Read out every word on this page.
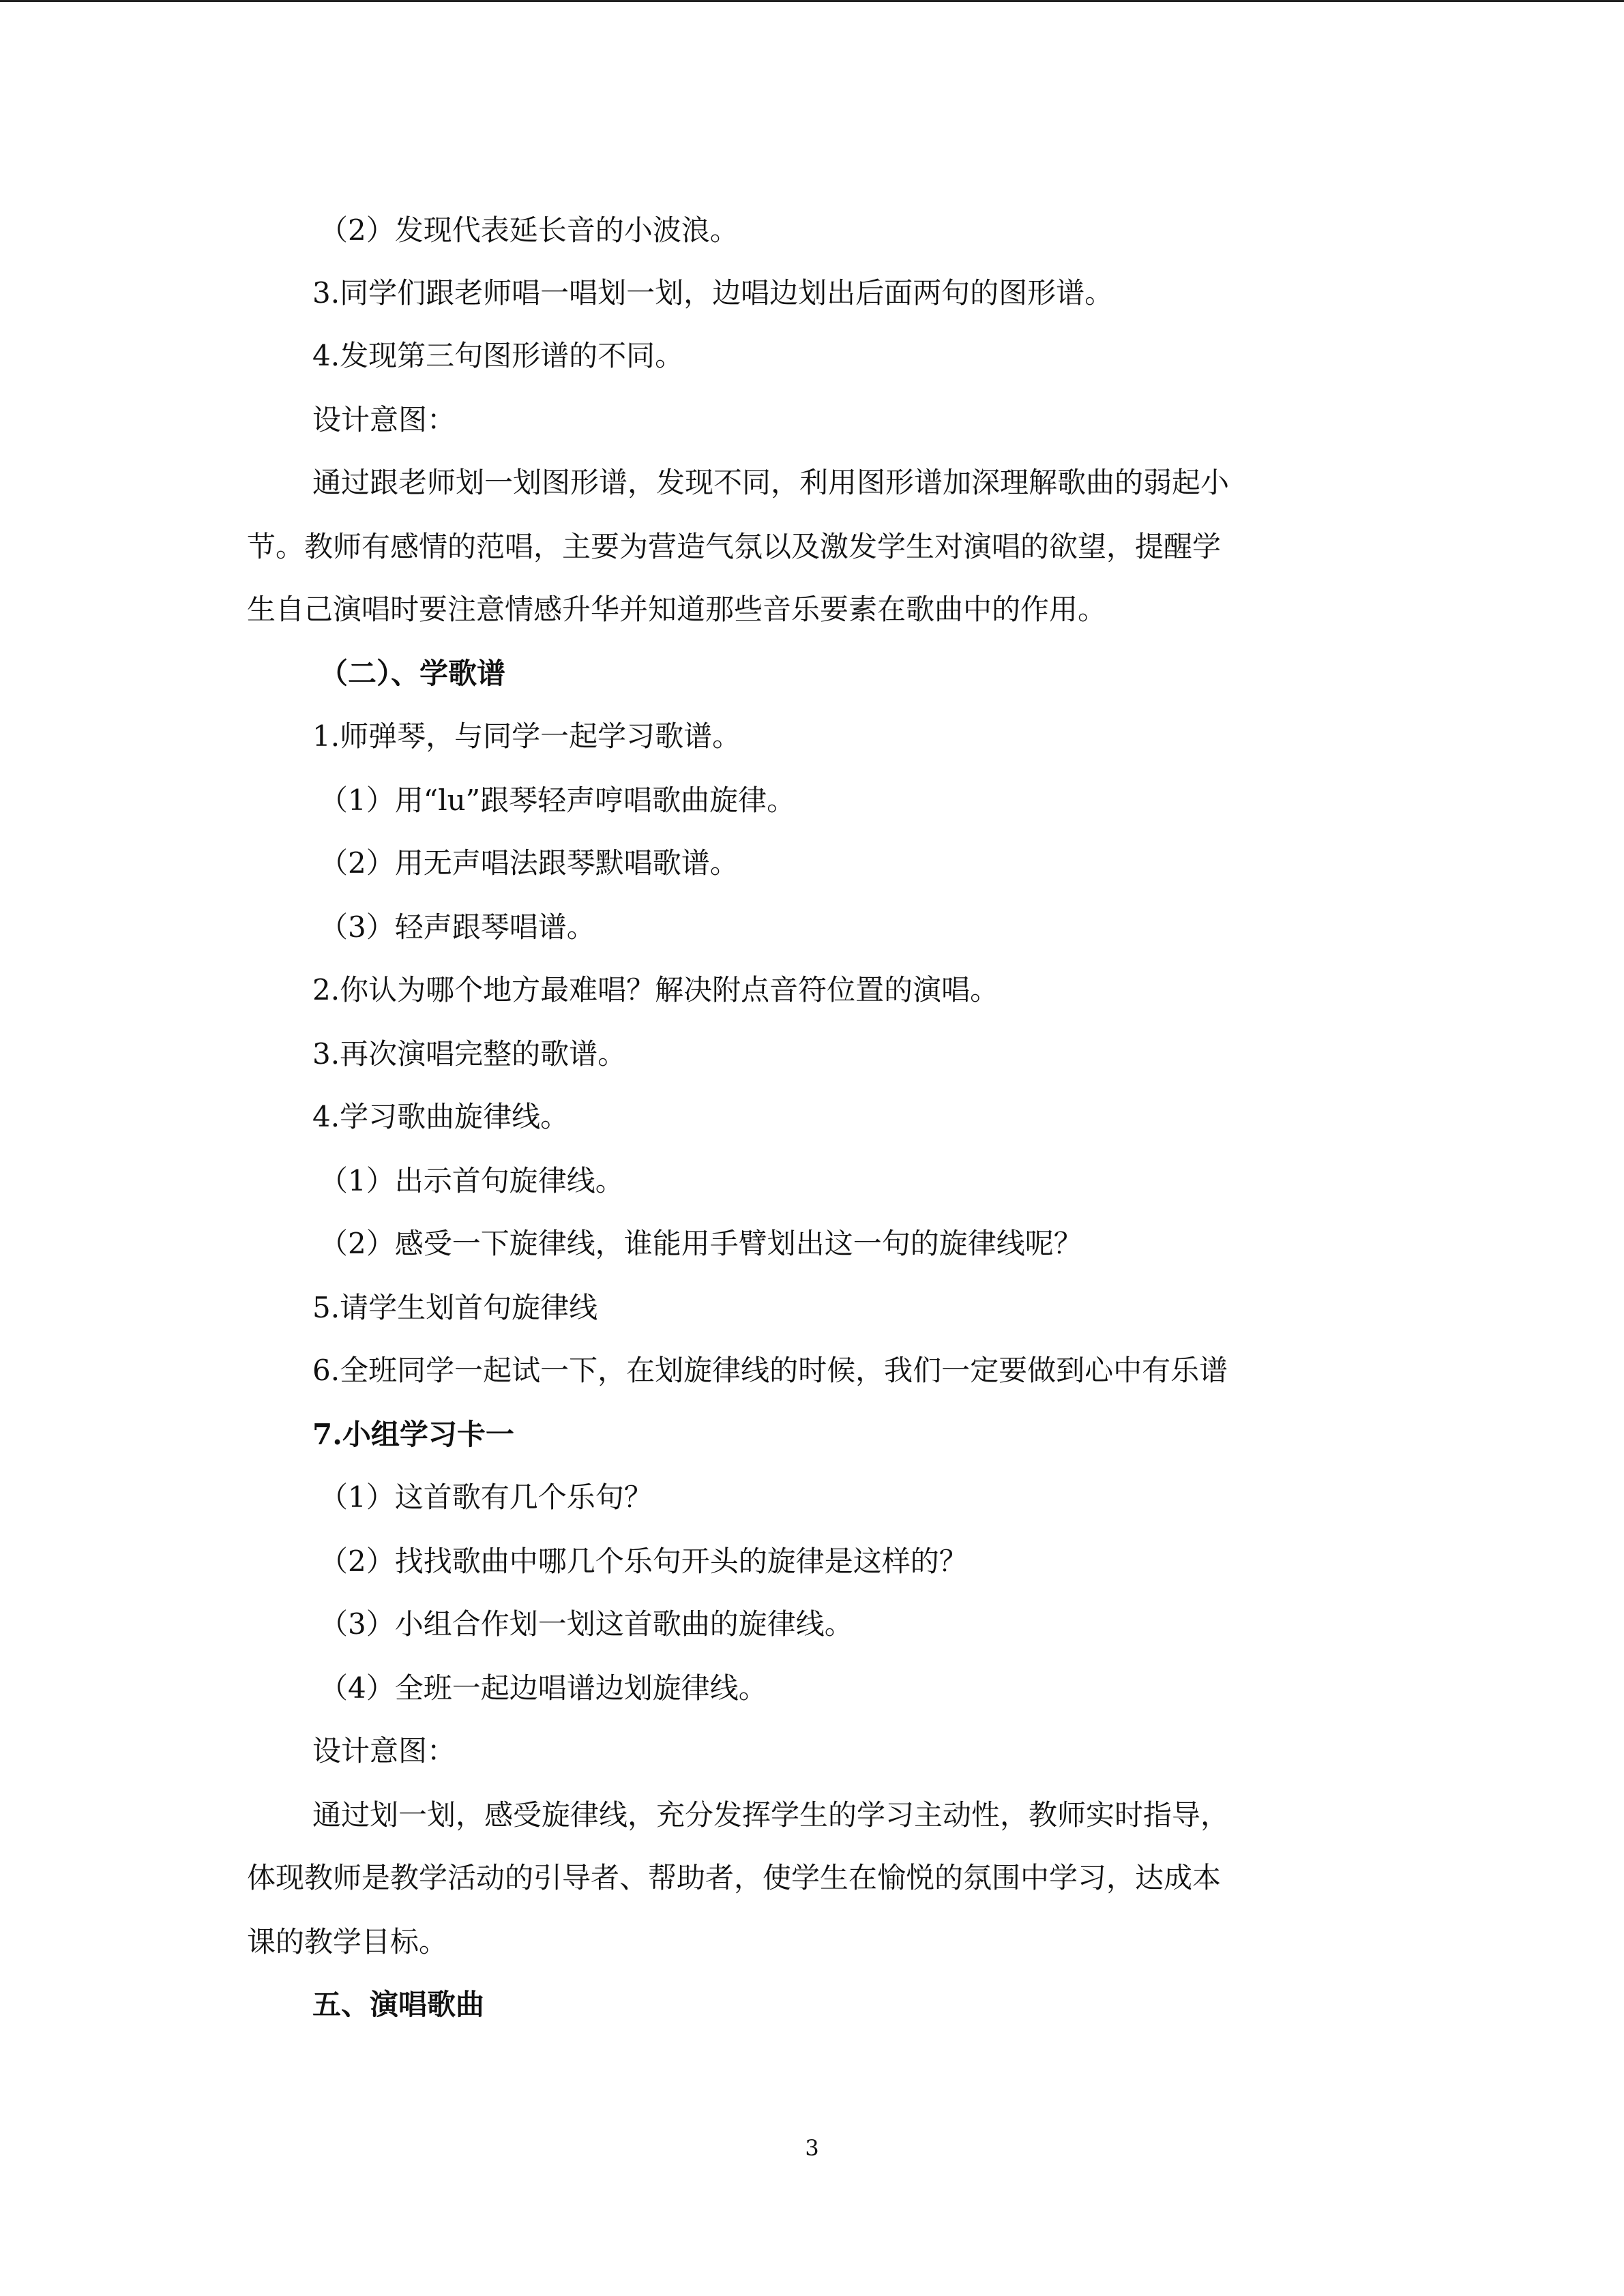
（2）发现代表延长音的小波浪。
3.同学们跟老师唱一唱划一划，边唱边划出后面两句的图形谱。
4.发现第三句图形谱的不同。
设计意图：
通过跟老师划一划图形谱，发现不同，利用图形谱加深理解歌曲的弱起小
节。教师有感情的范唱，主要为营造气氛以及激发学生对演唱的欲望，提醒学
生自己演唱时要注意情感升华并知道那些音乐要素在歌曲中的作用。
（二）、学歌谱
1.师弹琴，与同学一起学习歌谱。
（1）用“lu”跟琴轻声哼唱歌曲旋律。
（2）用无声唱法跟琴默唱歌谱。
（3）轻声跟琴唱谱。
2.你认为哪个地方最难唱？解决附点音符位置的演唱。
3.再次演唱完整的歌谱。
4.学习歌曲旋律线。
（1）出示首句旋律线。
（2）感受一下旋律线，谁能用手臂划出这一句的旋律线呢？
5.请学生划首句旋律线
6.全班同学一起试一下，在划旋律线的时候，我们一定要做到心中有乐谱
7.小组学习卡一
（1）这首歌有几个乐句？
（2）找找歌曲中哪几个乐句开头的旋律是这样的？
（3）小组合作划一划这首歌曲的旋律线。
（4）全班一起边唱谱边划旋律线。
设计意图：
通过划一划，感受旋律线，充分发挥学生的学习主动性，教师实时指导，
体现教师是教学活动的引导者、帮助者，使学生在愉悦的氛围中学习，达成本
课的教学目标。
五、演唱歌曲
3
